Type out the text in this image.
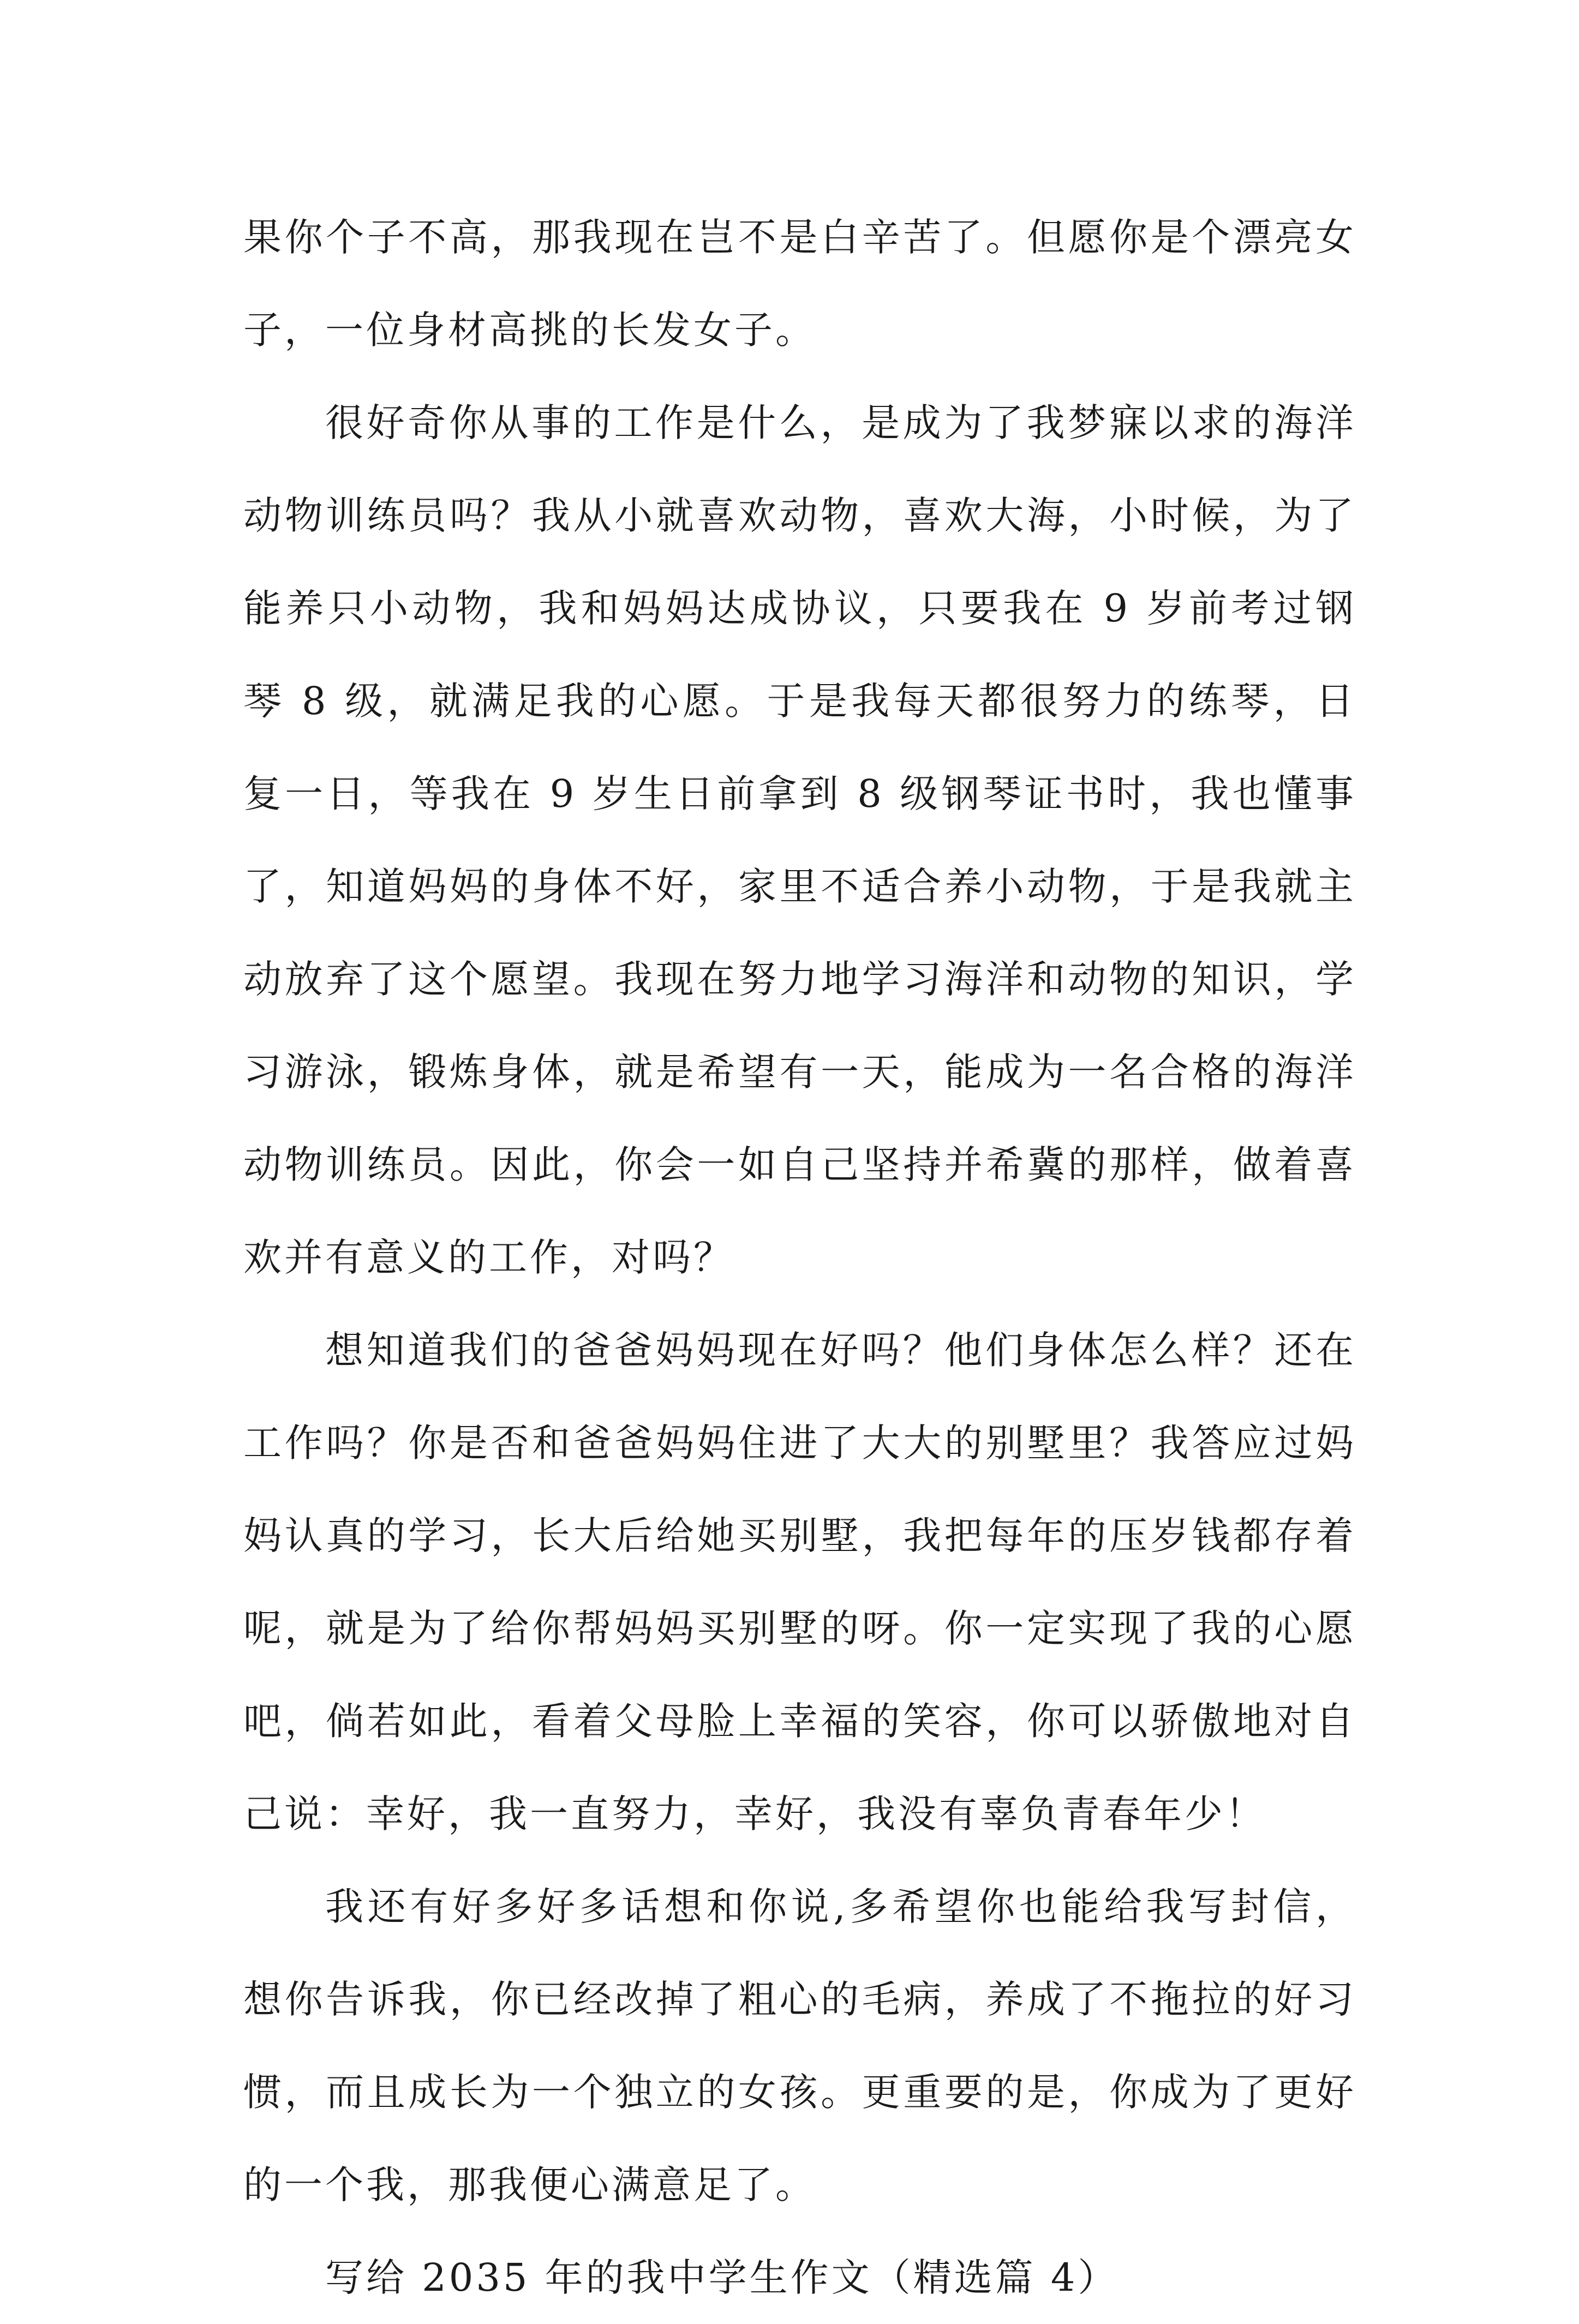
果你个子不高，那我现在岂不是白辛苦了。但愿你是个漂亮女子，一位身材高挑的长发女子。

很好奇你从事的工作是什么，是成为了我梦寐以求的海洋动物训练员吗？我从小就喜欢动物，喜欢大海，小时候，为了能养只小动物，我和妈妈达成协议，只要我在 9 岁前考过钢琴 8 级，就满足我的心愿。于是我每天都很努力的练琴，日复一日，等我在 9 岁生日前拿到 8 级钢琴证书时，我也懂事了，知道妈妈的身体不好，家里不适合养小动物，于是我就主动放弃了这个愿望。我现在努力地学习海洋和动物的知识，学习游泳，锻炼身体，就是希望有一天，能成为一名合格的海洋动物训练员。因此，你会一如自己坚持并希冀的那样，做着喜欢并有意义的工作，对吗？

想知道我们的爸爸妈妈现在好吗？他们身体怎么样？还在工作吗？你是否和爸爸妈妈住进了大大的别墅里？我答应过妈妈认真的学习，长大后给她买别墅，我把每年的压岁钱都存着呢，就是为了给你帮妈妈买别墅的呀。你一定实现了我的心愿吧，倘若如此，看着父母脸上幸福的笑容，你可以骄傲地对自己说：幸好，我一直努力，幸好，我没有辜负青春年少！

我还有好多好多话想和你说,多希望你也能给我写封信，想你告诉我，你已经改掉了粗心的毛病，养成了不拖拉的好习惯，而且成长为一个独立的女孩。更重要的是，你成为了更好的一个我，那我便心满意足了。

写给 2035 年的我中学生作文（精选篇 4）
